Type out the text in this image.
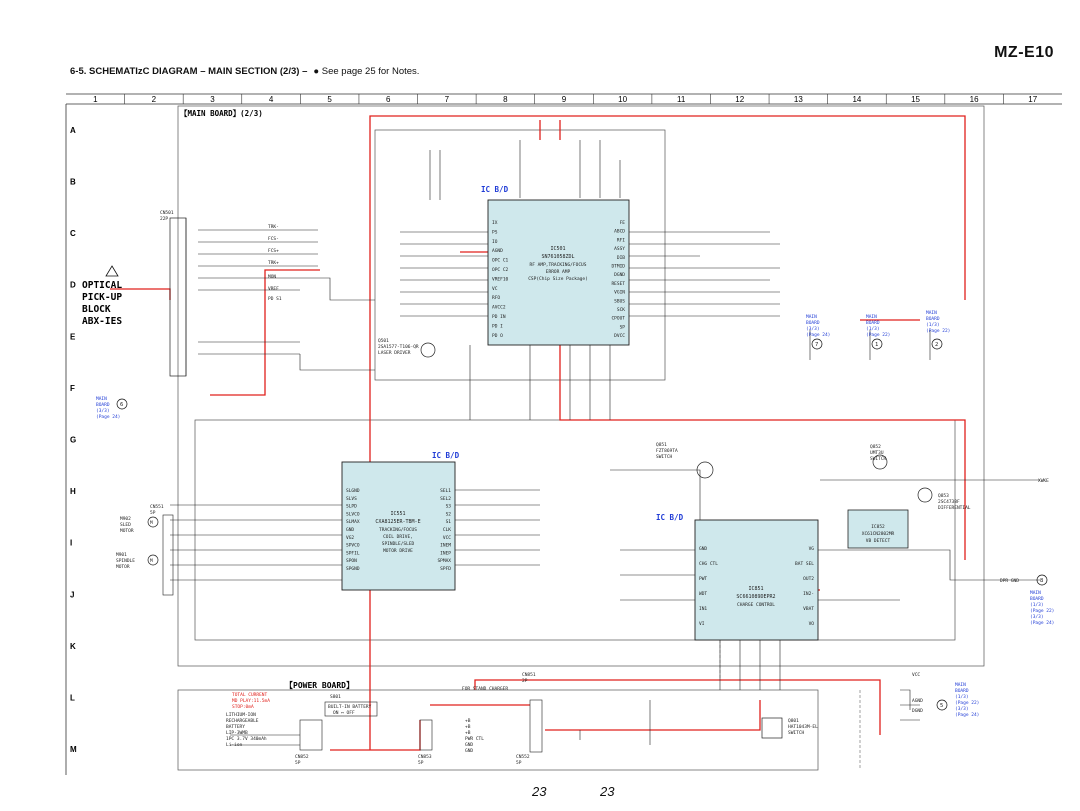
MZ-E10
6-5. SCHEMATIzC DIAGRAM – MAIN SECTION (2/3) – ● See page 25 for Notes.
23	23
1	2	3	4	5	6	7	8	9	10	11	12	13	14	15	16	17
A
B
C
D
E
F
G
H
I
J
K
L
M
IC501
SN761058ZDL
RF AMP,TRACKING/FOCUS
ERROR AMP
CSP(Chip Size Package)
IX
PS
IO
AGND
OPC C1
OPC C2
VREF10
VC
RFO
AVCC2
PD IN
PD I
PD O
FE
ABCD
RFI
ASSY
DIB
DTMID
DGND
RESET
VGIN
SBUS
SCK
CPOUT
SP
DVCC
IC B/D
IC551
CXA8125ER-TBM-E
TRACKING/FOCUS
COIL DRIVE,
SPINDLE/SLED
MOTOR DRIVE
SLGND
SLVS
SLPD
SLVCO
SLMAX
GND
VG2
SPVCO
SPFIL
SPON
SPGND
SEL1
SEL2
S3
S2
S1
CLK
VCC
INEM
INEP
SPMAX
SPFD
IC B/D
IC851
SC661089DEPR2
CHARGE CONTROL
GND
CHG CTL
PWT
WDT
IN1
VI
VG
BAT SEL
OUT2
IN2-
VBAT
VO
IC B/D
IC852
XC61CN2802MR
VB DETECT
【MAIN BOARD】(2/3)
【POWER BOARD】
OPTICAL
PICK-UP
BLOCK
ABX-IES
CN501
22P
TRK-
FCS-
FCS+
TRK+
MON
VREF
PD S1
M
M902
SLED
MOTOR
M
M901
SPINDLE
MOTOR
CN551
5P
Q501
2SA1577-T106-QR
LASER DRIVER
Q851
FZT869TA
SWITCH
Q852
UMT3U
SWITCH
Q853
2SC4738F
DIFFERENTIAL
Q801
HAT1043M-EL
SWITCH
MAIN
BOARD
(3/3)
(Page 24)
6
MAIN
BOARD
(3/3)
(Page 24)
7
MAIN
BOARD
(1/3)
(Page 22)
1
MAIN
BOARD
(1/3)
(Page 22)
2
8
MAIN
BOARD
(1/3)
(Page 22)
(3/3)
(Page 24)
5
MAIN
BOARD
(1/3)
(Page 22)
(3/3)
(Page 24)
XWKE
DPR GND
VCC
AGND
DGND
TOTAL CURRENT
MD PLAY:11.5mA
STOP:0mA
LITHIUM-ION
RECHARGEABLE
BATTERY
LIP-3WMB
1PC 3.7V 340mAh
Li-ion
S801
BUILT-IN BATTERY
ON ↔ OFF
FOR STAND CHARGER
+B
+B
+B
PWR CTL
GND
GND
CN852
5P
CN853
5P
CN552
5P
CN851
2P
